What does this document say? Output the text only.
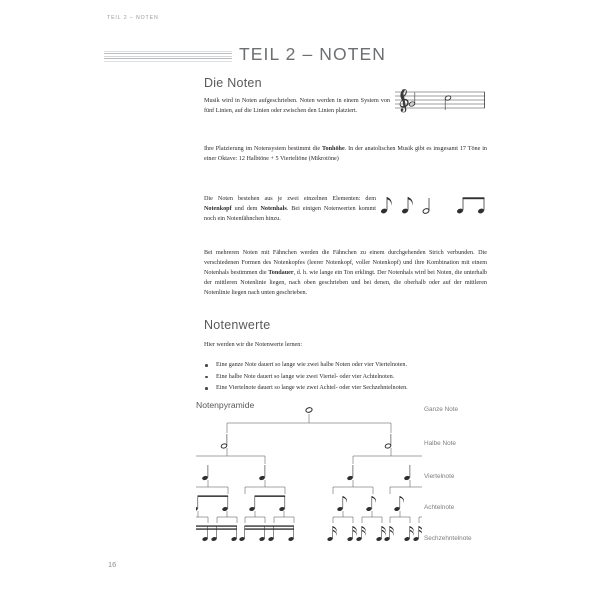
TEIL 2 – NOTEN
TEIL 2 – NOTEN
Die Noten
Musik wird in Noten aufgeschrieben. Noten werden in einem System von fünf Linien, auf die Linien oder zwischen den Linien platziert.
Ihre Platzierung im Notensystem bestimmt die Tonhöhe. In der anatolischen Musik gibt es insgesamt 17 Töne in einer Oktave: 12 Halbtöne + 5 Vierteltöne (Mikrotöne)
Die Noten bestehen aus je zwei einzelnen Elementen: dem Notenkopf und dem Notenhals. Bei einigen Notenwerten kommt noch ein Notenfähnchen hinzu.
Bei mehreren Noten mit Fähnchen werden die Fähnchen zu einem durchgehenden Strich verbunden. Die verschiedenen Formen des Notenkopfes (leerer Notenkopf, voller Notenkopf) und ihre Kombination mit einem Notenhals bestimmen die Tondauer, d. h. wie lange ein Ton erklingt. Der Notenhals wird bei Noten, die unterhalb der mittleren Notenlinie liegen, nach oben geschrieben und bei denen, die oberhalb oder auf der mittleren Notenlinie liegen nach unten geschrieben.
Notenwerte
Hier werden wir die Notenwerte lernen:
Eine ganze Note dauert so lange wie zwei halbe Noten oder vier Viertelnoten.
Eine halbe Note dauert so lange wie zwei Viertel- oder vier Achtelnoten.
Eine Viertelnote dauert so lange wie zwei Achtel- oder vier Sechzehntelnoten.
Notenpyramide	Ganze Note
Halbe Note
Viertelnote
Achtelnote
Sechzehntelnote
16
